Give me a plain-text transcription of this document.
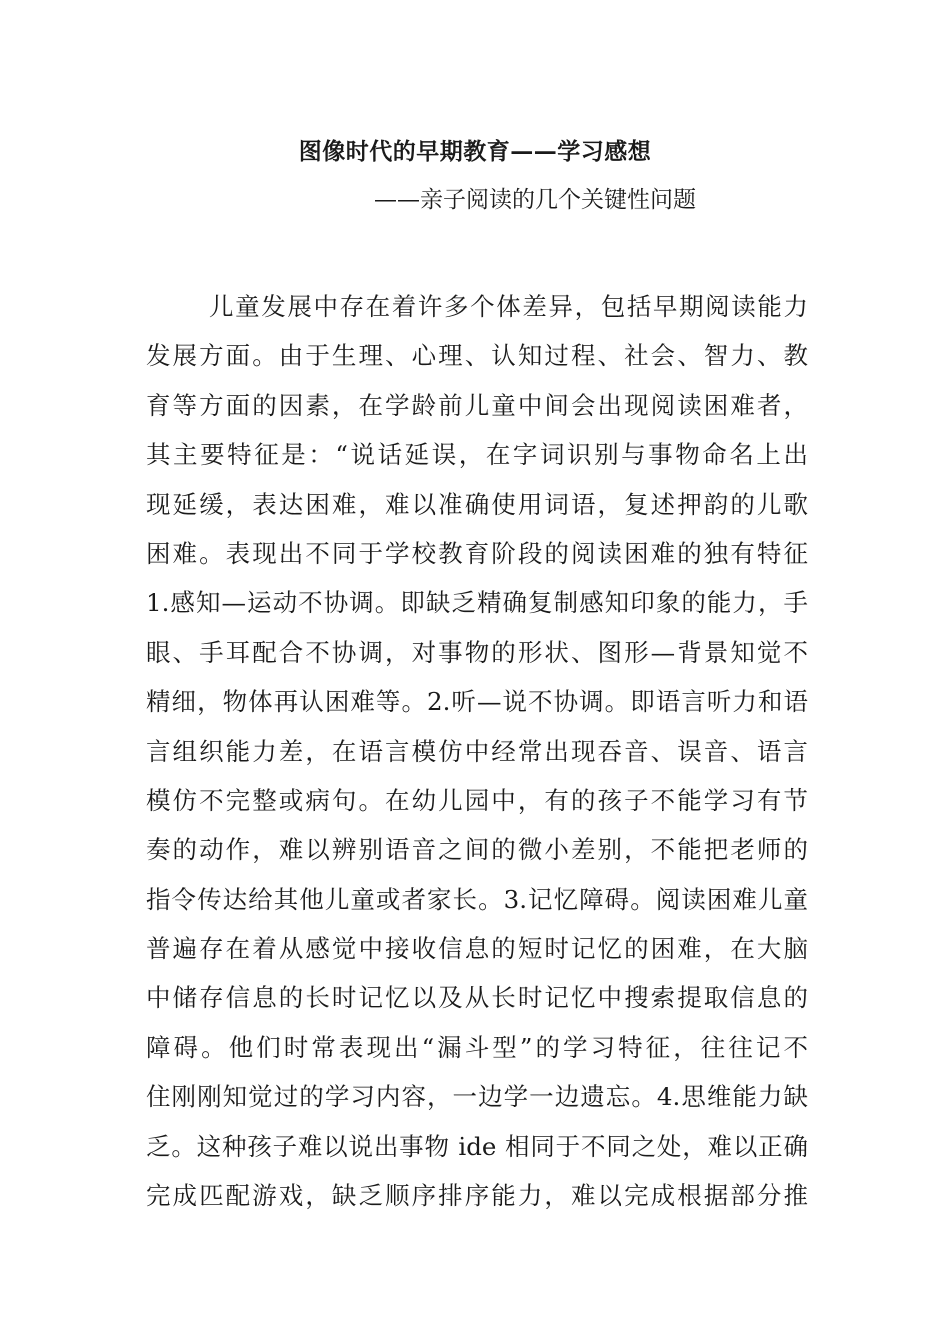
图像时代的早期教育——学习感想
——亲子阅读的几个关键性问题
儿童发展中存在着许多个体差异，包括早期阅读能力
发展方面。由于生理、心理、认知过程、社会、智力、教
育等方面的因素，在学龄前儿童中间会出现阅读困难者，
其主要特征是：“说话延误，在字词识别与事物命名上出
现延缓，表达困难，难以准确使用词语，复述押韵的儿歌
困难。表现出不同于学校教育阶段的阅读困难的独有特征
1.感知—运动不协调。即缺乏精确复制感知印象的能力，手
眼、手耳配合不协调，对事物的形状、图形—背景知觉不
精细，物体再认困难等。2.听—说不协调。即语言听力和语
言组织能力差，在语言模仿中经常出现吞音、误音、语言
模仿不完整或病句。在幼儿园中，有的孩子不能学习有节
奏的动作，难以辨别语音之间的微小差别，不能把老师的
指令传达给其他儿童或者家长。3.记忆障碍。阅读困难儿童
普遍存在着从感觉中接收信息的短时记忆的困难，在大脑
中储存信息的长时记忆以及从长时记忆中搜索提取信息的
障碍。他们时常表现出“漏斗型”的学习特征，往往记不
住刚刚知觉过的学习内容，一边学一边遗忘。4.思维能力缺
乏。这种孩子难以说出事物 ide 相同于不同之处，难以正确
完成匹配游戏，缺乏顺序排序能力，难以完成根据部分推
